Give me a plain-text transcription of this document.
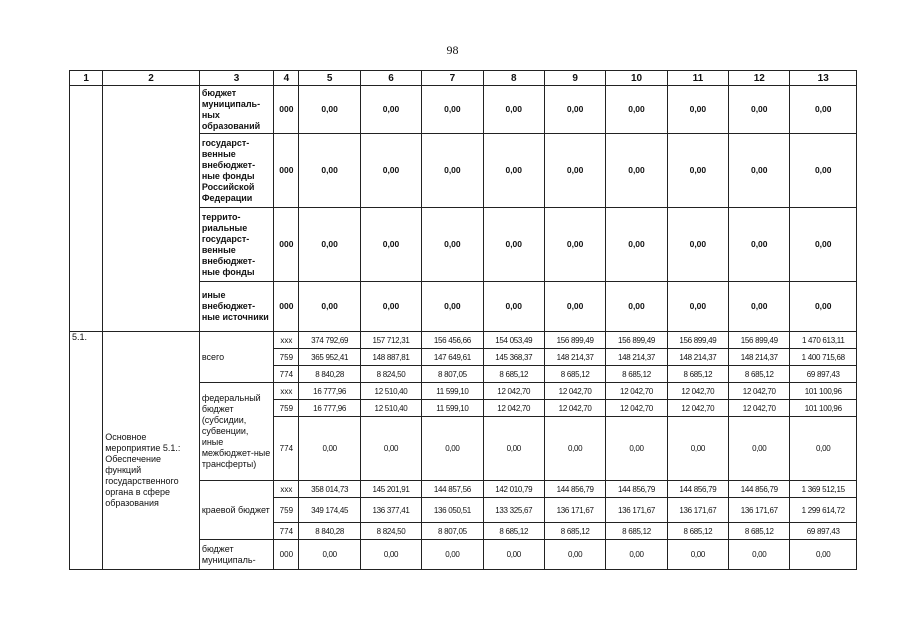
98
1	2	3	4	5	6	7	8	9	10	11	12	13
		бюджет муниципаль-ных образований	000	0,00	0,00	0,00	0,00	0,00	0,00	0,00	0,00	0,00
		государст-венные внебюджет-ные фонды Российской Федерации	000	0,00	0,00	0,00	0,00	0,00	0,00	0,00	0,00	0,00
		террито-риальные государст-венные внебюджет-ные фонды	000	0,00	0,00	0,00	0,00	0,00	0,00	0,00	0,00	0,00
		иные внебюджет-ные источники	000	0,00	0,00	0,00	0,00	0,00	0,00	0,00	0,00	0,00
5.1.	Основное мероприятие 5.1.: Обеспечение функций государственного органа в сфере образования	всего	xxx	374 792,69	157 712,31	156 456,66	154 053,49	156 899,49	156 899,49	156 899,49	156 899,49	1 470 613,11
			759	365 952,41	148 887,81	147 649,61	145 368,37	148 214,37	148 214,37	148 214,37	148 214,37	1 400 715,68
			774	8 840,28	8 824,50	8 807,05	8 685,12	8 685,12	8 685,12	8 685,12	8 685,12	69 897,43
		федеральный бюджет (субсидии, субвенции, иные межбюджет-ные трансферты)	xxx	16 777,96	12 510,40	11 599,10	12 042,70	12 042,70	12 042,70	12 042,70	12 042,70	101 100,96
			759	16 777,96	12 510,40	11 599,10	12 042,70	12 042,70	12 042,70	12 042,70	12 042,70	101 100,96
			774	0,00	0,00	0,00	0,00	0,00	0,00	0,00	0,00	0,00
		краевой бюджет	xxx	358 014,73	145 201,91	144 857,56	142 010,79	144 856,79	144 856,79	144 856,79	144 856,79	1 369 512,15
			759	349 174,45	136 377,41	136 050,51	133 325,67	136 171,67	136 171,67	136 171,67	136 171,67	1 299 614,72
			774	8 840,28	8 824,50	8 807,05	8 685,12	8 685,12	8 685,12	8 685,12	8 685,12	69 897,43
		бюджет муниципаль-	000	0,00	0,00	0,00	0,00	0,00	0,00	0,00	0,00	0,00
